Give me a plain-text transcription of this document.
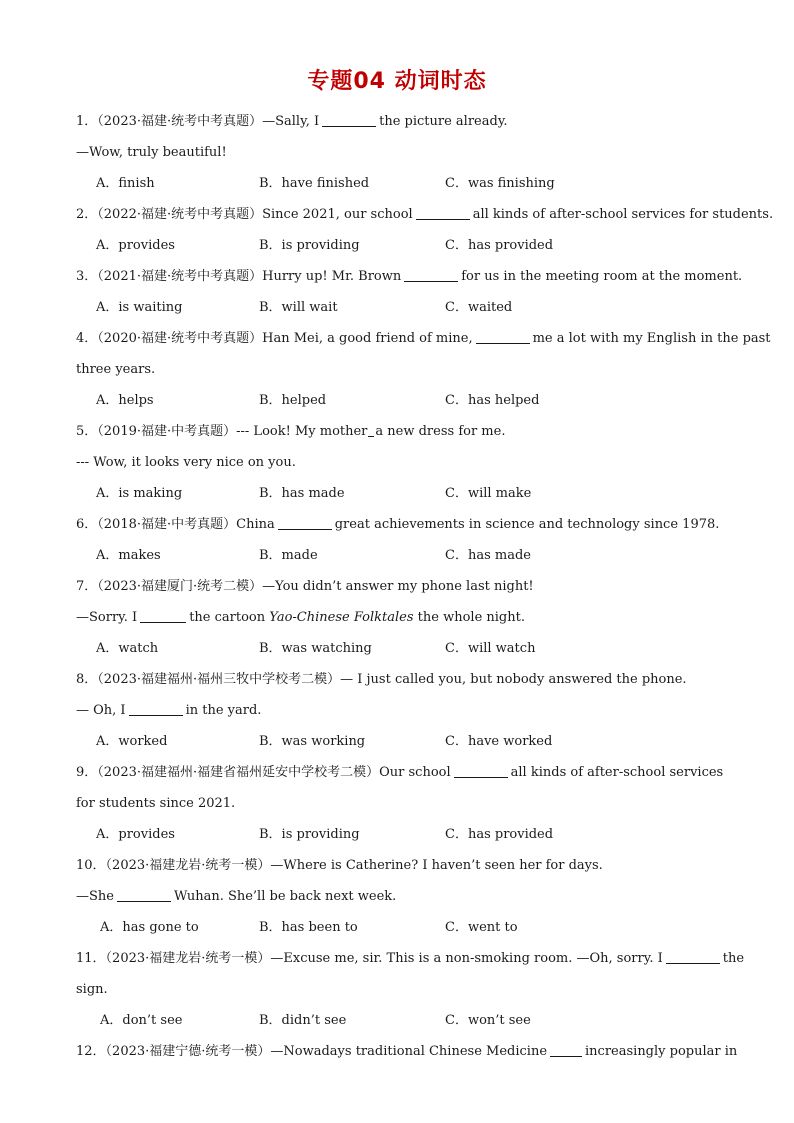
专题04 动词时态
1．（2023·福建·统考中考真题）—Sally, I	the picture already.
—Wow, truly beautiful!
A．finish	B．have finished	C．was finishing
2．（2022·福建·统考中考真题）Since 2021, our school	all kinds of after-school services for students.
A．provides	B．is providing	C．has provided
3．（2021·福建·统考中考真题）Hurry up! Mr. Brown	for us in the meeting room at the moment.
A．is waiting	B．will wait	C．waited
4．（2020·福建·统考中考真题）Han Mei, a good friend of mine,	me a lot with my English in the past
three years.
A．helps	B．helped	C．has helped
5．（2019·福建·中考真题）--- Look! My mother a new dress for me.
--- Wow, it looks very nice on you.
A．is making	B．has made	C．will make
6．（2018·福建·中考真题）China	great achievements in science and technology since 1978.
A．makes	B．made	C．has made
7．（2023·福建厦门·统考二模）—You didn’t answer my phone last night!
—Sorry. I	the cartoon Yao-Chinese Folktales the whole night.
A．watch	B．was watching	C．will watch
8．（2023·福建福州·福州三牧中学校考二模）— I just called you, but nobody answered the phone.
— Oh, I	in the yard.
A．worked	B．was working	C．have worked
9．（2023·福建福州·福建省福州延安中学校考二模）Our school	all kinds of after-school services
for students since 2021.
A．provides	B．is providing	C．has provided
10．（2023·福建龙岩·统考一模）—Where is Catherine? I haven’t seen her for days.
—She	Wuhan. She’ll be back next week.
A．has gone to	B．has been to	C．went to
11．（2023·福建龙岩·统考一模）—Excuse me, sir. This is a non-smoking room. —Oh, sorry. I	the
sign.
A．don’t see	B．didn’t see	C．won’t see
12．（2023·福建宁德·统考一模）—Nowadays traditional Chinese Medicine	increasingly popular in
